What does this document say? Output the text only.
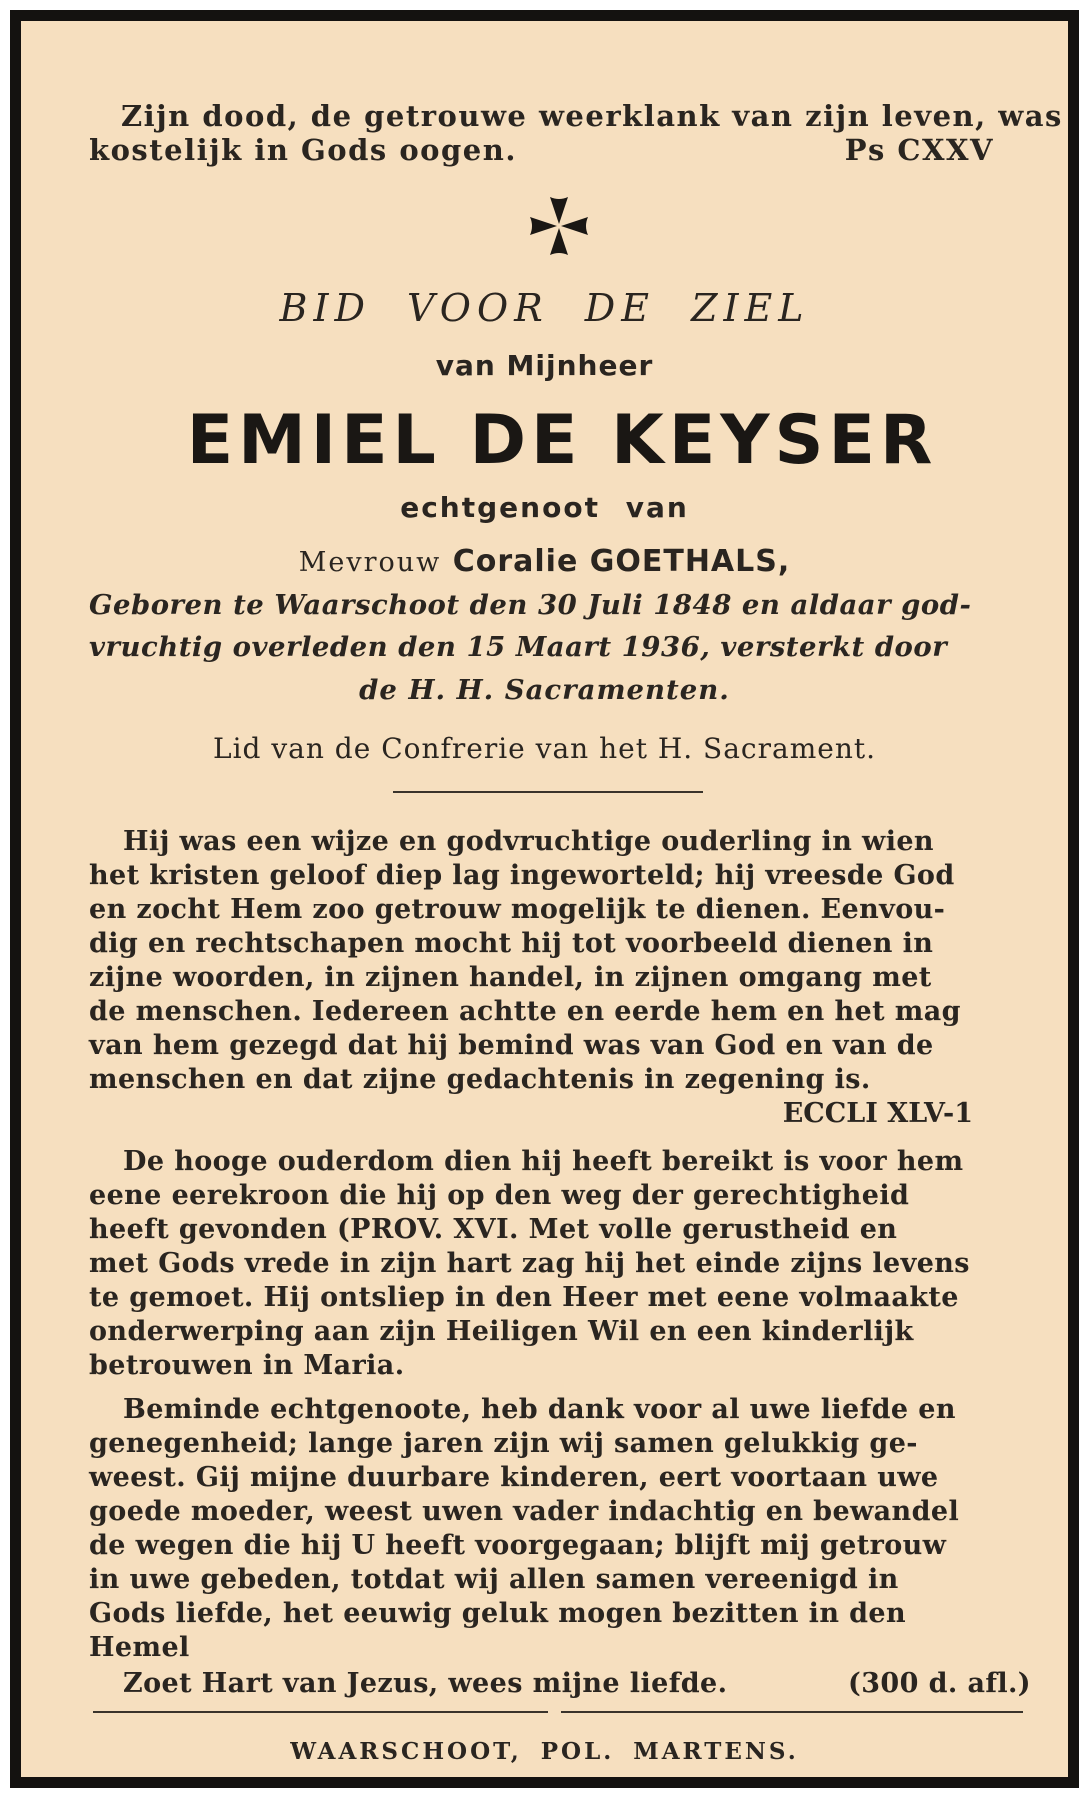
Zijn dood, de getrouwe weerklank van zijn leven, was
kostelijk in Gods oogen.	Ps CXXV
BID VOOR DE ZIEL
van Mijnheer
EMIEL DE KEYSER
echtgenoot van
Mevrouw Coralie GOETHALS,
Geboren te Waarschoot den 30 Juli 1848 en aldaar god-
vruchtig overleden den 15 Maart 1936, versterkt door
de H. H. Sacramenten.
Lid van de Confrerie van het H. Sacrament.
Hij was een wijze en godvruchtige ouderling in wien
het kristen geloof diep lag ingeworteld; hij vreesde God
en zocht Hem zoo getrouw mogelijk te dienen. Eenvou-
dig en rechtschapen mocht hij tot voorbeeld dienen in
zijne woorden, in zijnen handel, in zijnen omgang met
de menschen. Iedereen achtte en eerde hem en het mag
van hem gezegd dat hij bemind was van God en van de
menschen en dat zijne gedachtenis in zegening is.
ECCLI XLV-1
De hooge ouderdom dien hij heeft bereikt is voor hem
eene eerekroon die hij op den weg der gerechtigheid
heeft gevonden (PROV. XVI. Met volle gerustheid en
met Gods vrede in zijn hart zag hij het einde zijns levens
te gemoet. Hij ontsliep in den Heer met eene volmaakte
onderwerping aan zijn Heiligen Wil en een kinderlijk
betrouwen in Maria.
Beminde echtgenoote, heb dank voor al uwe liefde en
genegenheid; lange jaren zijn wij samen gelukkig ge-
weest. Gij mijne duurbare kinderen, eert voortaan uwe
goede moeder, weest uwen vader indachtig en bewandel
de wegen die hij U heeft voorgegaan; blijft mij getrouw
in uwe gebeden, totdat wij allen samen vereenigd in
Gods liefde, het eeuwig geluk mogen bezitten in den
Hemel
Zoet Hart van Jezus, wees mijne liefde.	(300 d. afl.)
WAARSCHOOT, POL. MARTENS.
